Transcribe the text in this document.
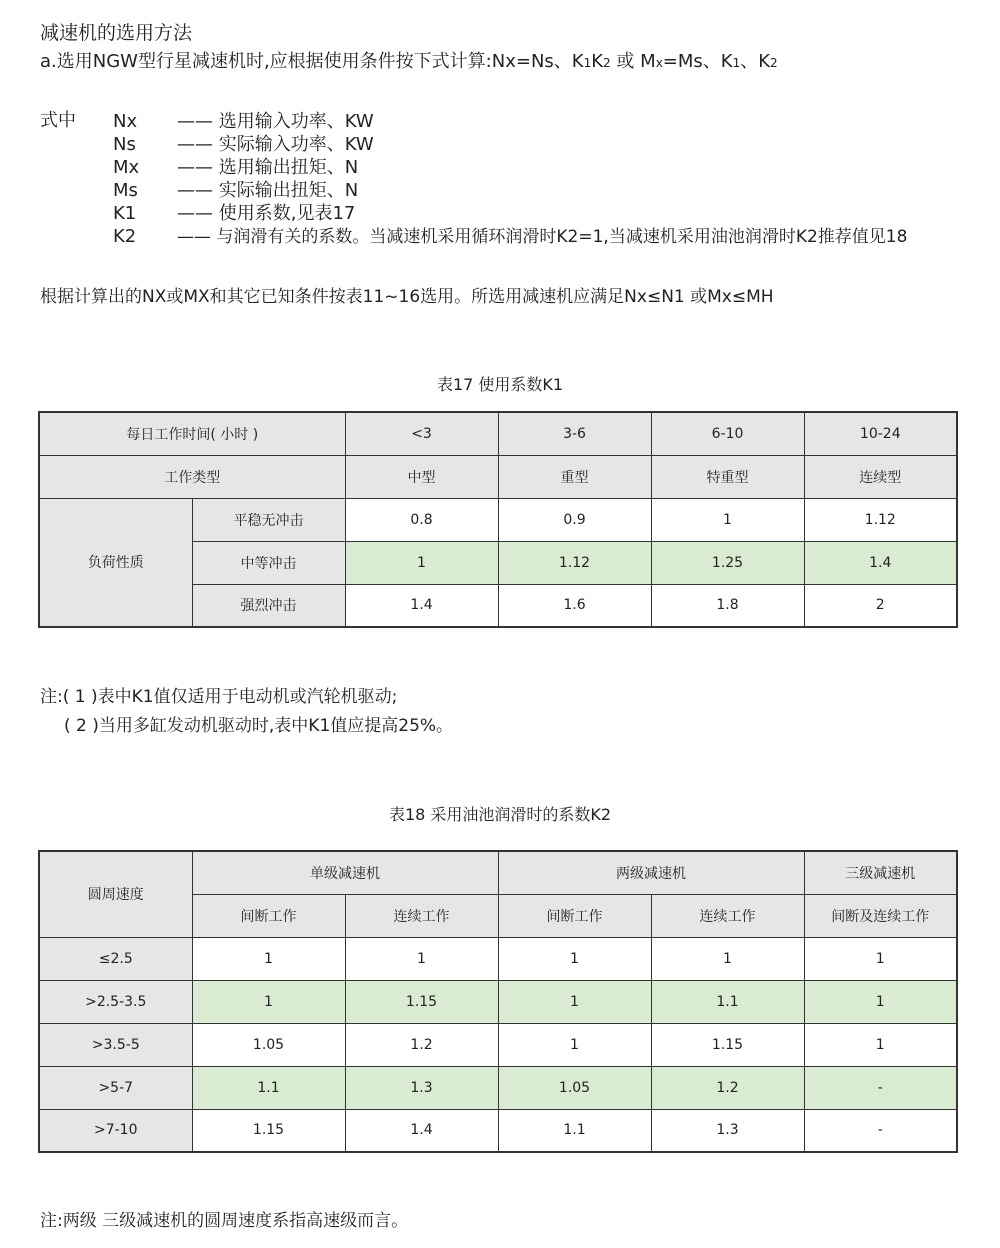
减速机的选用方法
a.选用NGW型行星减速机时,应根据使用条件按下式计算:Nx=Ns、K1K2 或 Mx=Ms、K1、K2
式中 Nx —— 选用输入功率、KW
Ns —— 实际输入功率、KW
Mx —— 选用输出扭矩、N
Ms —— 实际输出扭矩、N
K1 —— 使用系数,见表17
K2 —— 与润滑有关的系数。当减速机采用循环润滑时K2=1,当减速机采用油池润滑时K2推荐值见18
根据计算出的NX或MX和其它已知条件按表11~16选用。所选用减速机应满足Nx≤N1 或Mx≤MH
表17 使用系数K1
每日工作时间( 小时 )		<3	3-6	6-10	10-24
工作类型		中型	重型	特重型	连续型
负荷性质	平稳无冲击	0.8	0.9	1	1.12
	中等冲击	1	1.12	1.25	1.4
	强烈冲击	1.4	1.6	1.8	2
注:( 1 )表中K1值仅适用于电动机或汽轮机驱动;
( 2 )当用多缸发动机驱动时,表中K1值应提高25%。
表18 采用油池润滑时的系数K2
圆周速度	单级减速机		两级减速机		三级减速机
	间断工作	连续工作	间断工作	连续工作	间断及连续工作
≤2.5	1	1	1	1	1
>2.5-3.5	1	1.15	1	1.1	1
>3.5-5	1.05	1.2	1	1.15	1
>5-7	1.1	1.3	1.05	1.2	-
>7-10	1.15	1.4	1.1	1.3	-
注:两级 三级减速机的圆周速度系指高速级而言。
